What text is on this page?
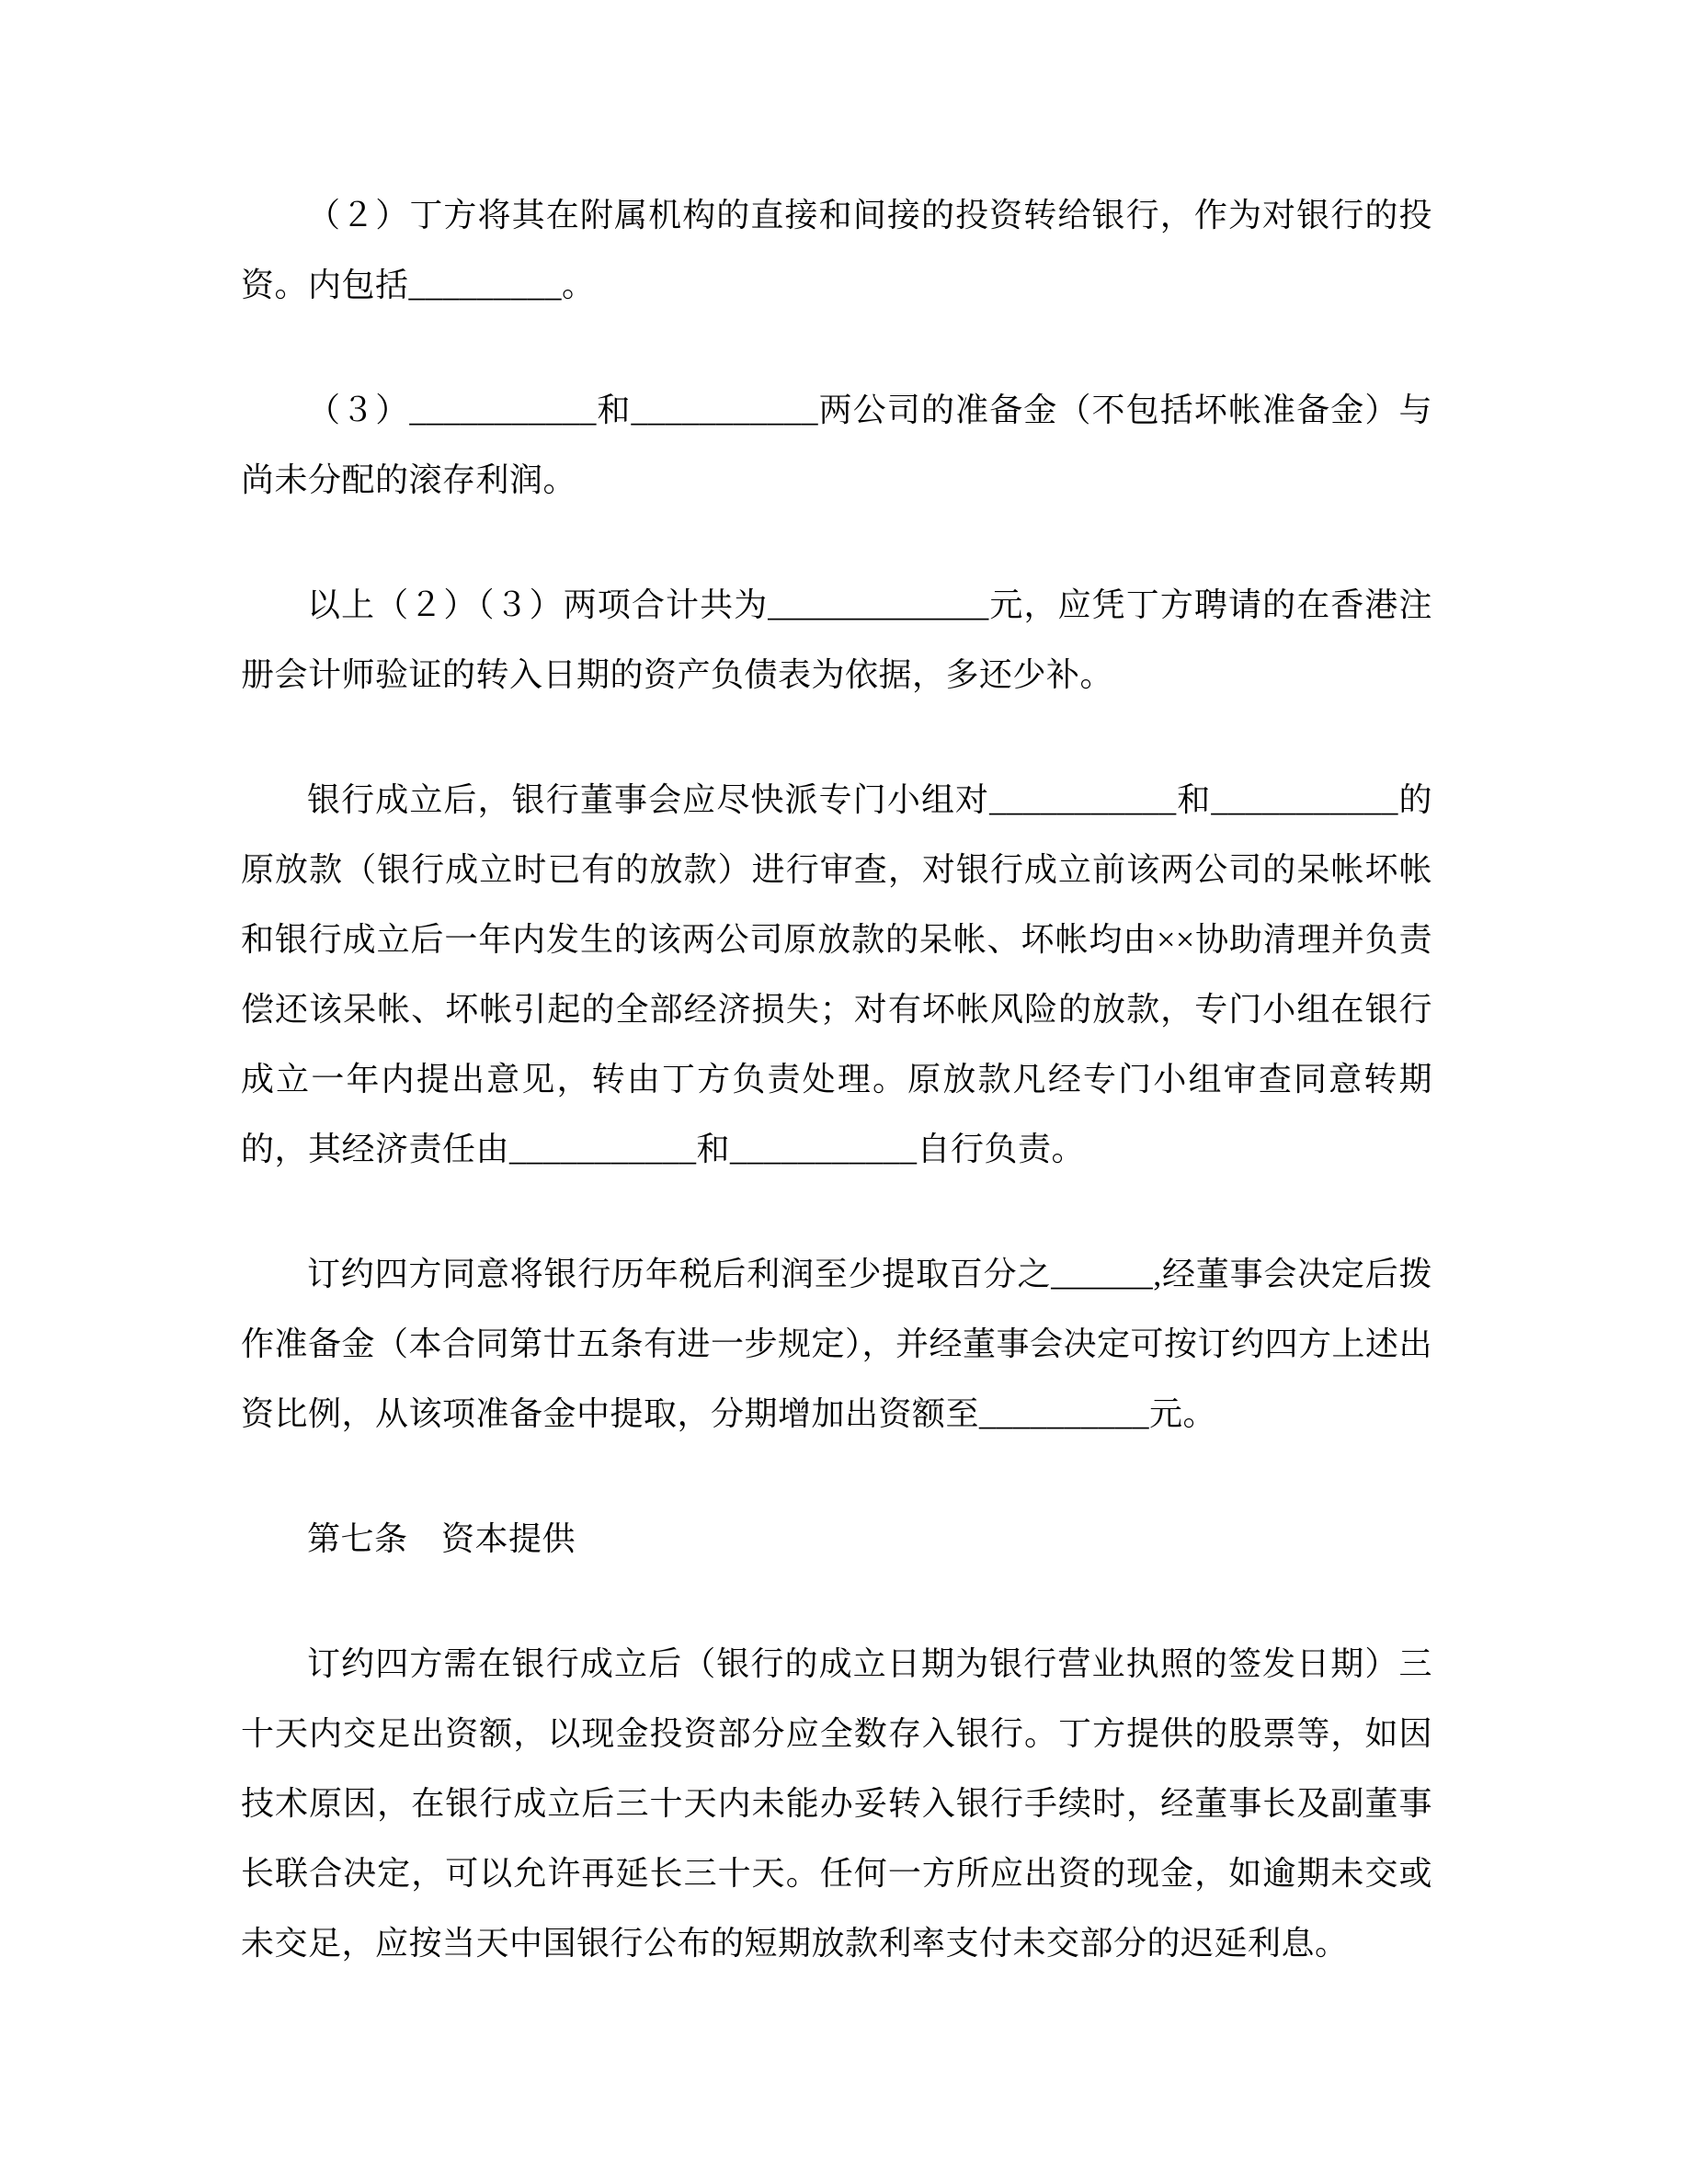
（２）丁方将其在附属机构的直接和间接的投资转给银行，作为对银行的投资。内包括_________。

（３）___________和___________两公司的准备金（不包括坏帐准备金）与尚未分配的滚存利润。

以上（２）（３）两项合计共为_____________元，应凭丁方聘请的在香港注册会计师验证的转入日期的资产负债表为依据，多还少补。

银行成立后，银行董事会应尽快派专门小组对___________和___________的原放款（银行成立时已有的放款）进行审查，对银行成立前该两公司的呆帐坏帐和银行成立后一年内发生的该两公司原放款的呆帐、坏帐均由××协助清理并负责偿还该呆帐、坏帐引起的全部经济损失；对有坏帐风险的放款，专门小组在银行成立一年内提出意见，转由丁方负责处理。原放款凡经专门小组审查同意转期的，其经济责任由___________和___________自行负责。

订约四方同意将银行历年税后利润至少提取百分之______,经董事会决定后拨作准备金（本合同第廿五条有进一步规定），并经董事会决定可按订约四方上述出资比例，从该项准备金中提取，分期增加出资额至__________元。

第七条　资本提供

订约四方需在银行成立后（银行的成立日期为银行营业执照的签发日期）三十天内交足出资额，以现金投资部分应全数存入银行。丁方提供的股票等，如因技术原因，在银行成立后三十天内未能办妥转入银行手续时，经董事长及副董事长联合决定，可以允许再延长三十天。任何一方所应出资的现金，如逾期未交或未交足，应按当天中国银行公布的短期放款利率支付未交部分的迟延利息。
